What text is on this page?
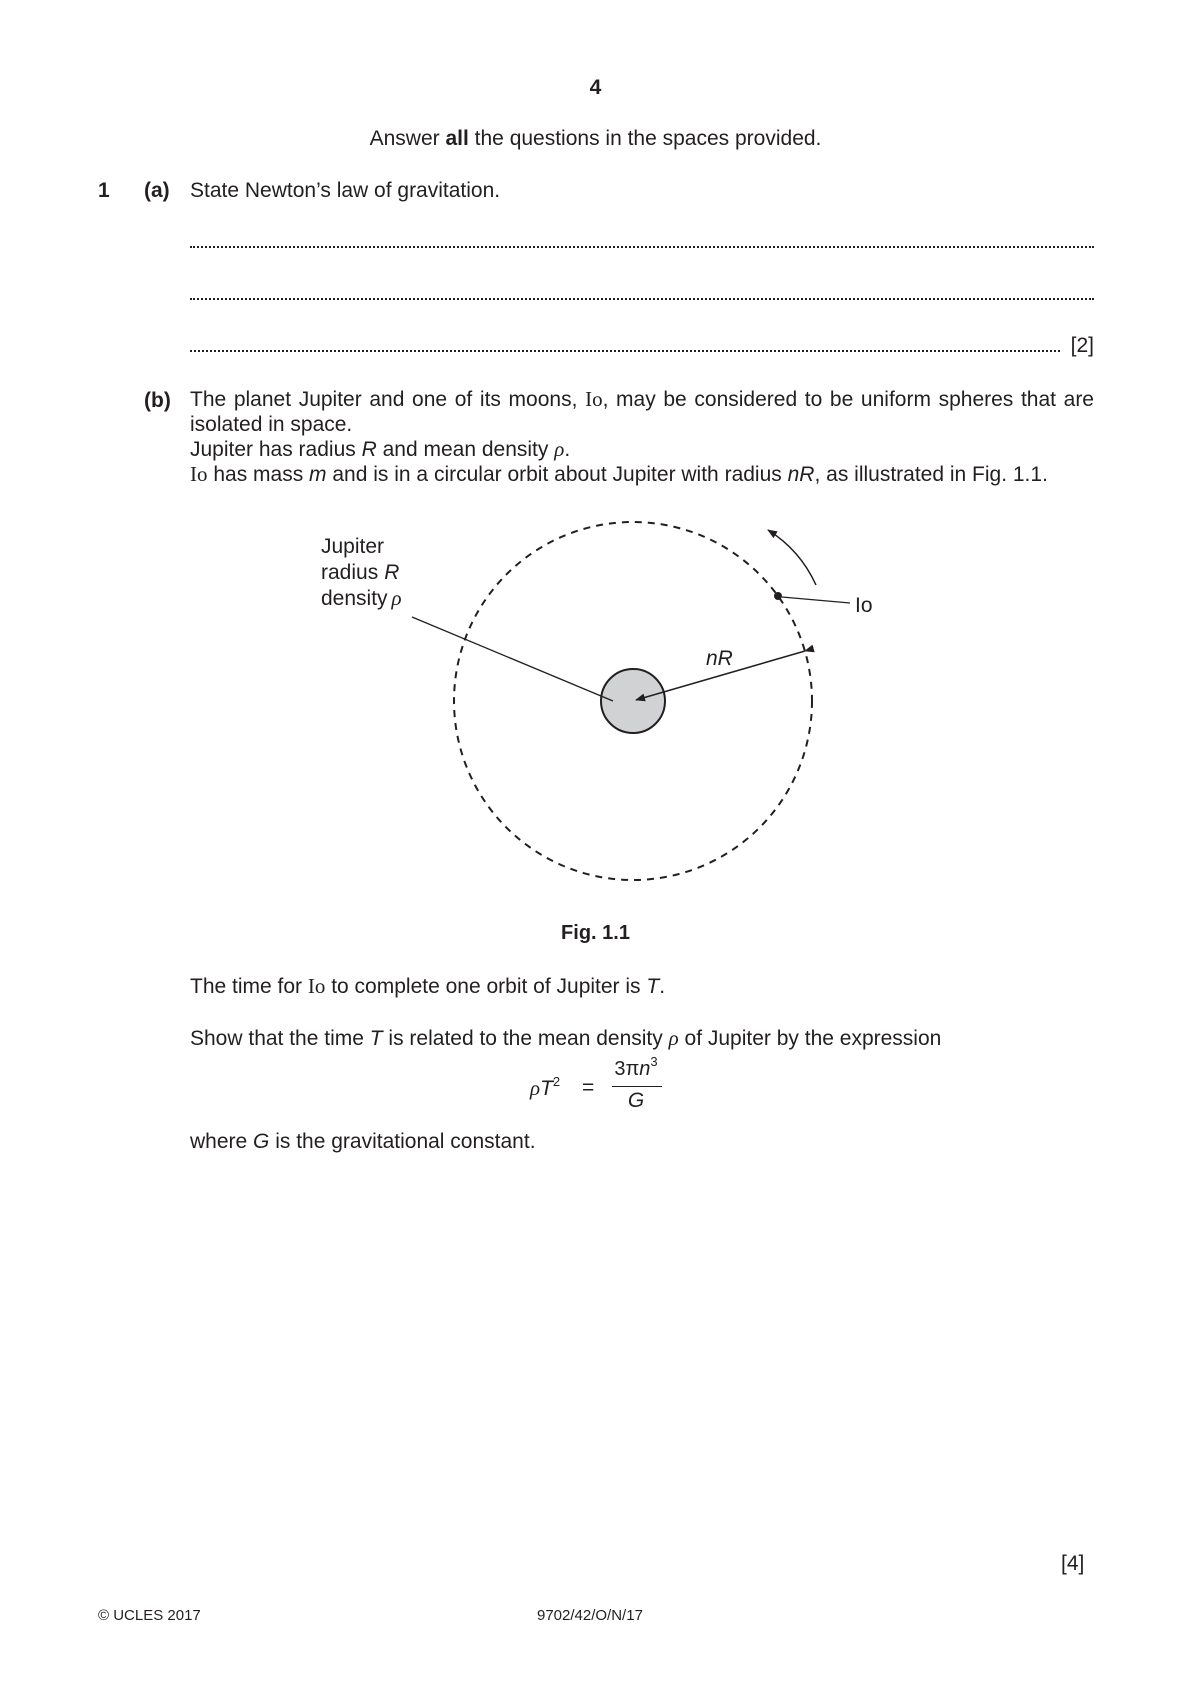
4
Answer all the questions in the spaces provided.
1 (a) State Newton’s law of gravitation.
[2]
(b) The planet Jupiter and one of its moons, Io, may be considered to be uniform spheres that are isolated in space.
Jupiter has radius R and mean density ρ.
Io has mass m and is in a circular orbit about Jupiter with radius nR, as illustrated in Fig. 1.1.
Jupiter
radius R
density ρ	Io
nR
Fig. 1.1
The time for Io to complete one orbit of Jupiter is T.
Show that the time T is related to the mean density ρ of Jupiter by the expression
$\rho T^2$ =
$3\pi n^3$
G
where G is the gravitational constant.
[4]
© UCLES 2017	9702/42/O/N/17
